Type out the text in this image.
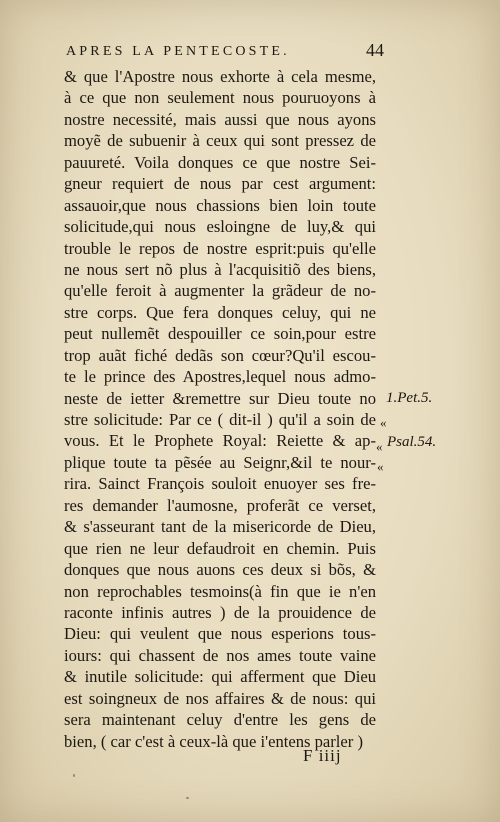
APRES LA PENTECOSTE.	44
& que l'Apostre nous exhorte à cela mesme,
à ce que non seulement nous pouruoyons à
nostre necessité, mais aussi que nous ayons
moyẽ de subuenir à ceux qui sont pressez de
pauureté. Voila donques ce que nostre Sei-
gneur requiert de nous par cest argument:
assauoir,que nous chassions bien loin toute
solicitude,qui nous esloingne de luy,& qui
trouble le repos de nostre esprit:puis qu'elle
ne nous sert nõ plus à l'acquisitiõ des biens,
qu'elle feroit à augmenter la grãdeur de no-
stre corps. Que fera donques celuy, qui ne
peut nullemẽt despouiller ce soin,pour estre
trop auãt fiché dedãs son cœur?Qu'il escou-
te le prince des Apostres,lequel nous admo-
neste de ietter &remettre sur Dieu toute no
stre solicitude: Par ce ( dit-il ) qu'il a soin de
vous. Et le Prophete Royal: Reiette & ap-
plique toute ta pẽsée au Seignr,&il te nour-
rira. Sainct François souloit enuoyer ses fre-
res demander l'aumosne, proferãt ce verset,
& s'asseurant tant de la misericorde de Dieu,
que rien ne leur defaudroit en chemin. Puis
donques que nous auons ces deux si bõs, &
non reprochables tesmoins(à fin que ie n'en
raconte infinis autres ) de la prouidence de
Dieu: qui veulent que nous esperions tous-
iours: qui chassent de nos ames toute vaine
& inutile solicitude: qui afferment que Dieu
est soingneux de nos affaires & de nous: qui
sera maintenant celuy d'entre les gens de
bien, ( car c'est à ceux-là que i'entens parler )
1.Pet.5.
«
Psal.54.
«
«
F iiij
